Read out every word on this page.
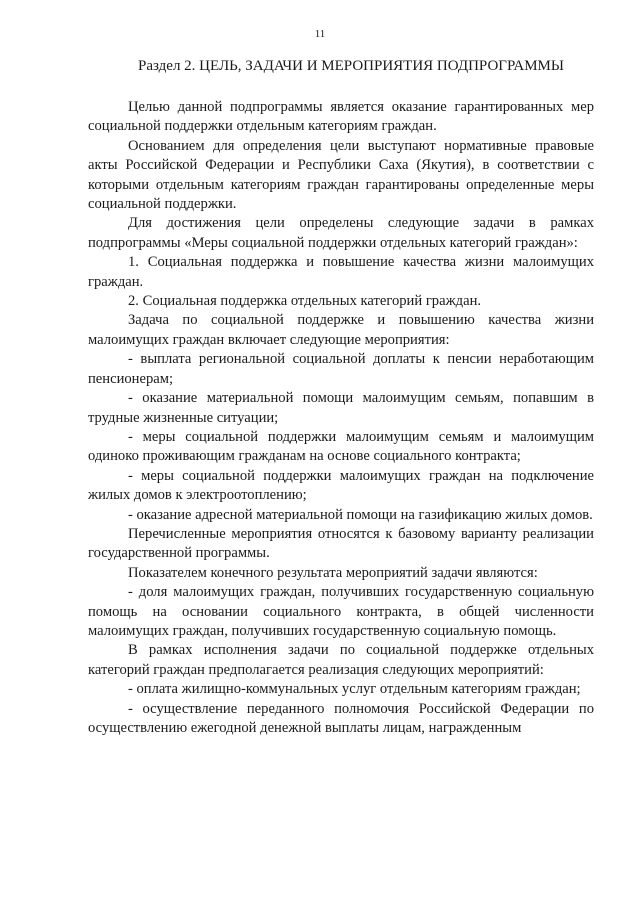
11
Раздел 2. ЦЕЛЬ, ЗАДАЧИ И МЕРОПРИЯТИЯ ПОДПРОГРАММЫ

Целью данной подпрограммы является оказание гарантированных мер социальной поддержки отдельным категориям граждан.

Основанием для определения цели выступают нормативные правовые акты Российской Федерации и Республики Саха (Якутия), в соответствии с которыми отдельным категориям граждан гарантированы определенные меры социальной поддержки.

Для достижения цели определены следующие задачи в рамках подпрограммы «Меры социальной поддержки отдельных категорий граждан»:

1. Социальная поддержка и повышение качества жизни малоимущих граждан.

2. Социальная поддержка отдельных категорий граждан.

Задача по социальной поддержке и повышению качества жизни малоимущих граждан включает следующие мероприятия:

- выплата региональной социальной доплаты к пенсии неработающим пенсионерам;

- оказание материальной помощи малоимущим семьям, попавшим в трудные жизненные ситуации;

- меры социальной поддержки малоимущим семьям и малоимущим одиноко проживающим гражданам на основе социального контракта;

- меры социальной поддержки малоимущих граждан на подключение жилых домов к электроотоплению;

- оказание адресной материальной помощи на газификацию жилых домов.

Перечисленные мероприятия относятся к базовому варианту реализации государственной программы.

Показателем конечного результата мероприятий задачи являются:

- доля малоимущих граждан, получивших государственную социальную помощь на основании социального контракта, в общей численности малоимущих граждан, получивших государственную социальную помощь.

В рамках исполнения задачи по социальной поддержке отдельных категорий граждан предполагается реализация следующих мероприятий:

- оплата жилищно-коммунальных услуг отдельным категориям граждан;

- осуществление переданного полномочия Российской Федерации по осуществлению ежегодной денежной выплаты лицам, награжденным
